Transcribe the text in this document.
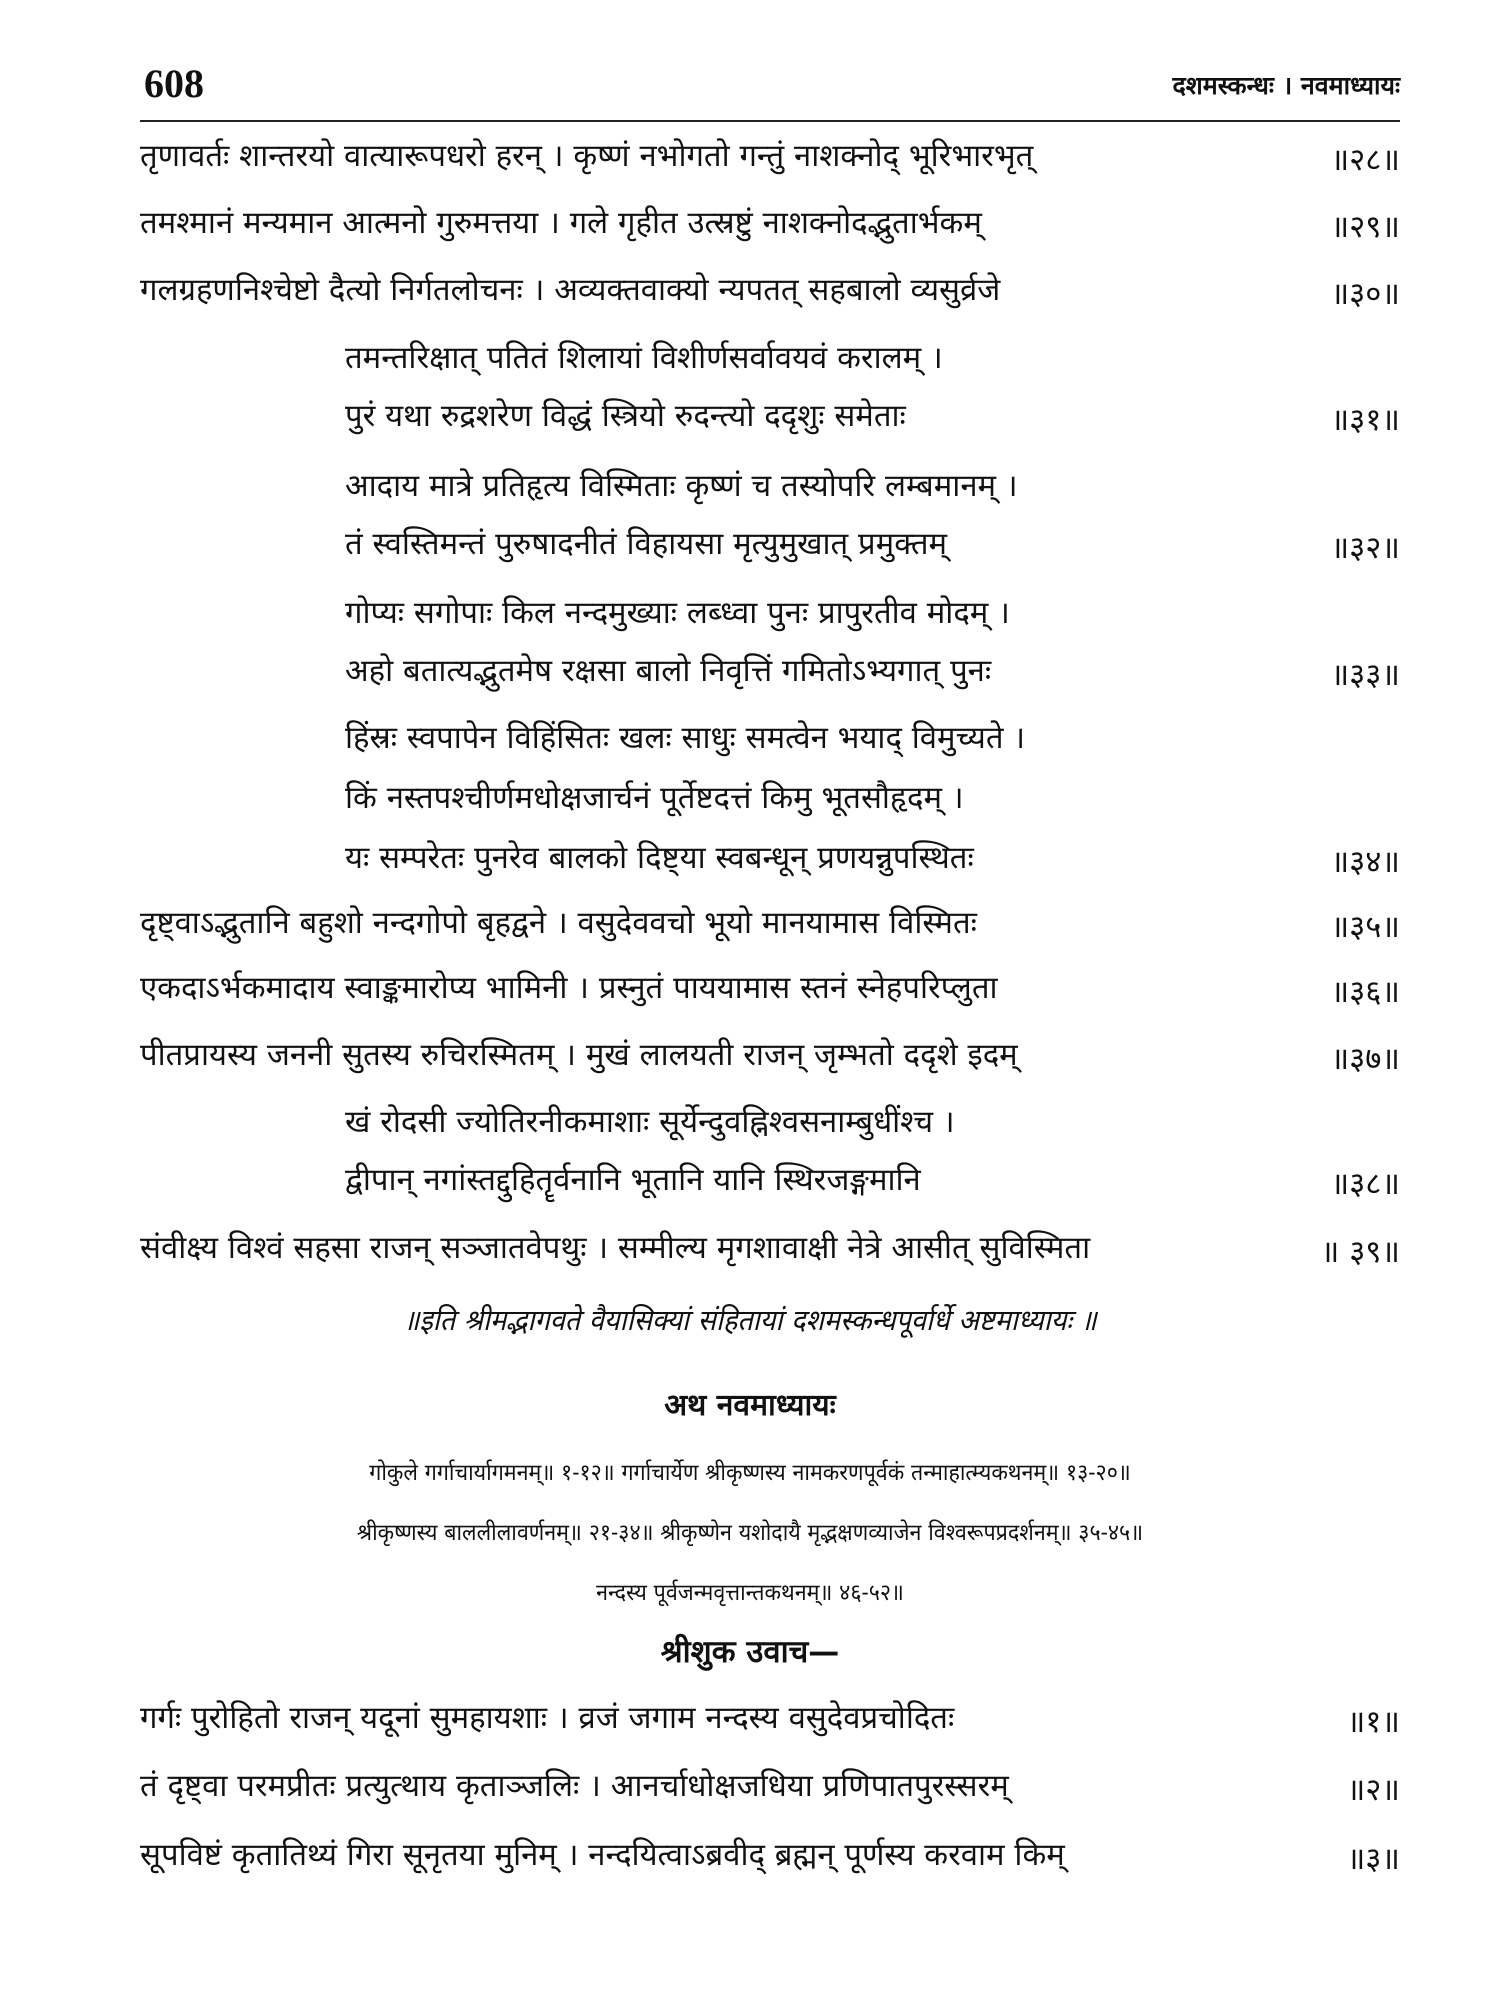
608	दशमस्कन्धः । नवमाध्यायः
तृणावर्तः शान्तरयो वात्यारूपधरो हरन् । कृष्णं नभोगतो गन्तुं नाशक्नोद् भूरिभारभृत्	॥२८॥
तमश्मानं मन्यमान आत्मनो गुरुमत्तया । गले गृहीत उत्स्रष्टुं नाशक्नोदद्भुतार्भकम्	॥२९॥
गलग्रहणनिश्चेष्टो दैत्यो निर्गतलोचनः । अव्यक्तवाक्यो न्यपतत् सहबालो व्यसुर्व्रजे	॥३०॥
तमन्तरिक्षात् पतितं शिलायां विशीर्णसर्वावयवं करालम् ।
पुरं यथा रुद्रशरेण विद्धं स्त्रियो रुदन्त्यो ददृशुः समेताः	॥३१॥
आदाय मात्रे प्रतिहृत्य विस्मिताः कृष्णं च तस्योपरि लम्बमानम् ।
तं स्वस्तिमन्तं पुरुषादनीतं विहायसा मृत्युमुखात् प्रमुक्तम्	॥३२॥
गोप्यः सगोपाः किल नन्दमुख्याः लब्ध्वा पुनः प्रापुरतीव मोदम् ।
अहो बतात्यद्भुतमेष रक्षसा बालो निवृत्तिं गमितोऽभ्यगात् पुनः	॥३३॥
हिंस्रः स्वपापेन विहिंसितः खलः साधुः समत्वेन भयाद् विमुच्यते ।
किं नस्तपश्चीर्णमधोक्षजार्चनं पूर्तेष्टदत्तं किमु भूतसौहृदम् ।
यः सम्परेतः पुनरेव बालको दिष्ट्या स्वबन्धून् प्रणयन्नुपस्थितः	॥३४॥
दृष्ट्वाऽद्भुतानि बहुशो नन्दगोपो बृहद्वने । वसुदेववचो भूयो मानयामास विस्मितः	॥३५॥
एकदाऽर्भकमादाय स्वाङ्कमारोप्य भामिनी । प्रस्नुतं पाययामास स्तनं स्नेहपरिप्लुता	॥३६॥
पीतप्रायस्य जननी सुतस्य रुचिरस्मितम् । मुखं लालयती राजन् जृम्भतो ददृशे इदम्	॥३७॥
खं रोदसी ज्योतिरनीकमाशाः सूर्येन्दुवह्निश्वसनाम्बुधींश्च ।
द्वीपान् नगांस्तद्दुहितॄर्वनानि भूतानि यानि स्थिरजङ्गमानि	॥३८॥
संवीक्ष्य विश्वं सहसा राजन् सञ्जातवेपथुः । सम्मील्य मृगशावाक्षी नेत्रे आसीत् सुविस्मिता	॥ ३९॥
॥इति श्रीमद्भागवते वैयासिक्यां संहितायां दशमस्कन्धपूर्वार्धे अष्टमाध्यायः ॥
अथ नवमाध्यायः
गोकुले गर्गाचार्यागमनम्॥ १-१२॥ गर्गाचार्येण श्रीकृष्णस्य नामकरणपूर्वकं तन्माहात्म्यकथनम्॥ १३-२०॥
श्रीकृष्णस्य बाललीलावर्णनम्॥ २१-३४॥ श्रीकृष्णेन यशोदायै मृद्भक्षणव्याजेन विश्वरूपप्रदर्शनम्॥ ३५-४५॥
नन्दस्य पूर्वजन्मवृत्तान्तकथनम्॥ ४६-५२॥
श्रीशुक उवाच—
गर्गः पुरोहितो राजन् यदूनां सुमहायशाः । व्रजं जगाम नन्दस्य वसुदेवप्रचोदितः	॥१॥
तं दृष्ट्वा परमप्रीतः प्रत्युत्थाय कृताञ्जलिः । आनर्चाधोक्षजधिया प्रणिपातपुरस्सरम्	॥२॥
सूपविष्टं कृतातिथ्यं गिरा सूनृतया मुनिम् । नन्दयित्वाऽब्रवीद् ब्रह्मन् पूर्णस्य करवाम किम्	॥३॥
